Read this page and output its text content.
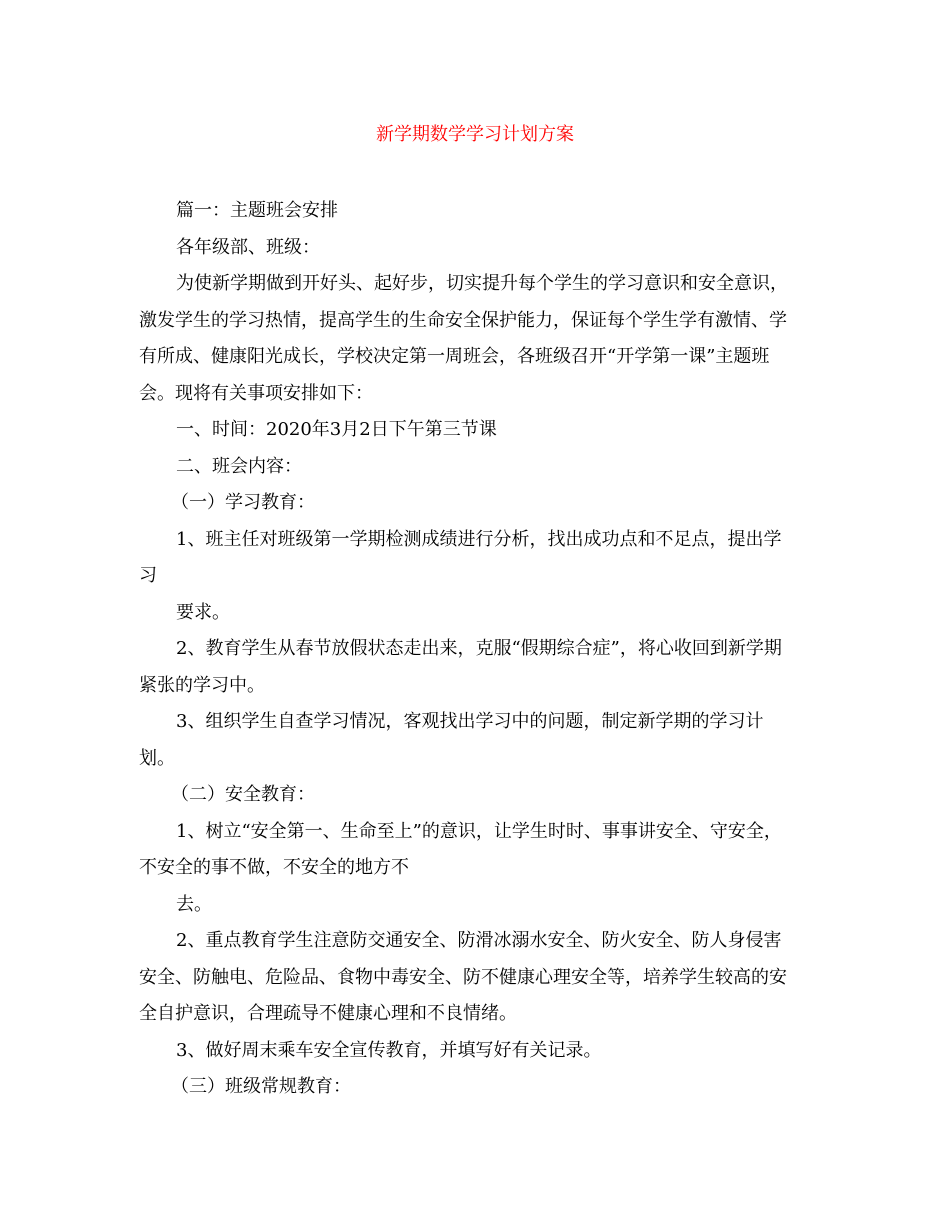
新学期数学学习计划方案

篇一：主题班会安排

各年级部、班级：

为使新学期做到开好头、起好步，切实提升每个学生的学习意识和安全意识，

激发学生的学习热情，提高学生的生命安全保护能力，保证每个学生学有激情、学

有所成、健康阳光成长，学校决定第一周班会，各班级召开“开学第一课”主题班

会。现将有关事项安排如下：

一、时间：2020年3月2日下午第三节课

二、班会内容：

（一）学习教育：

1、班主任对班级第一学期检测成绩进行分析，找出成功点和不足点，提出学

习

要求。

2、教育学生从春节放假状态走出来，克服“假期综合症”，将心收回到新学期

紧张的学习中。

3、组织学生自查学习情况，客观找出学习中的问题，制定新学期的学习计

划。

（二）安全教育：

1、树立“安全第一、生命至上”的意识，让学生时时、事事讲安全、守安全，

不安全的事不做，不安全的地方不

去。

2、重点教育学生注意防交通安全、防滑冰溺水安全、防火安全、防人身侵害

安全、防触电、危险品、食物中毒安全、防不健康心理安全等，培养学生较高的安

全自护意识，合理疏导不健康心理和不良情绪。

3、做好周末乘车安全宣传教育，并填写好有关记录。

（三）班级常规教育：
